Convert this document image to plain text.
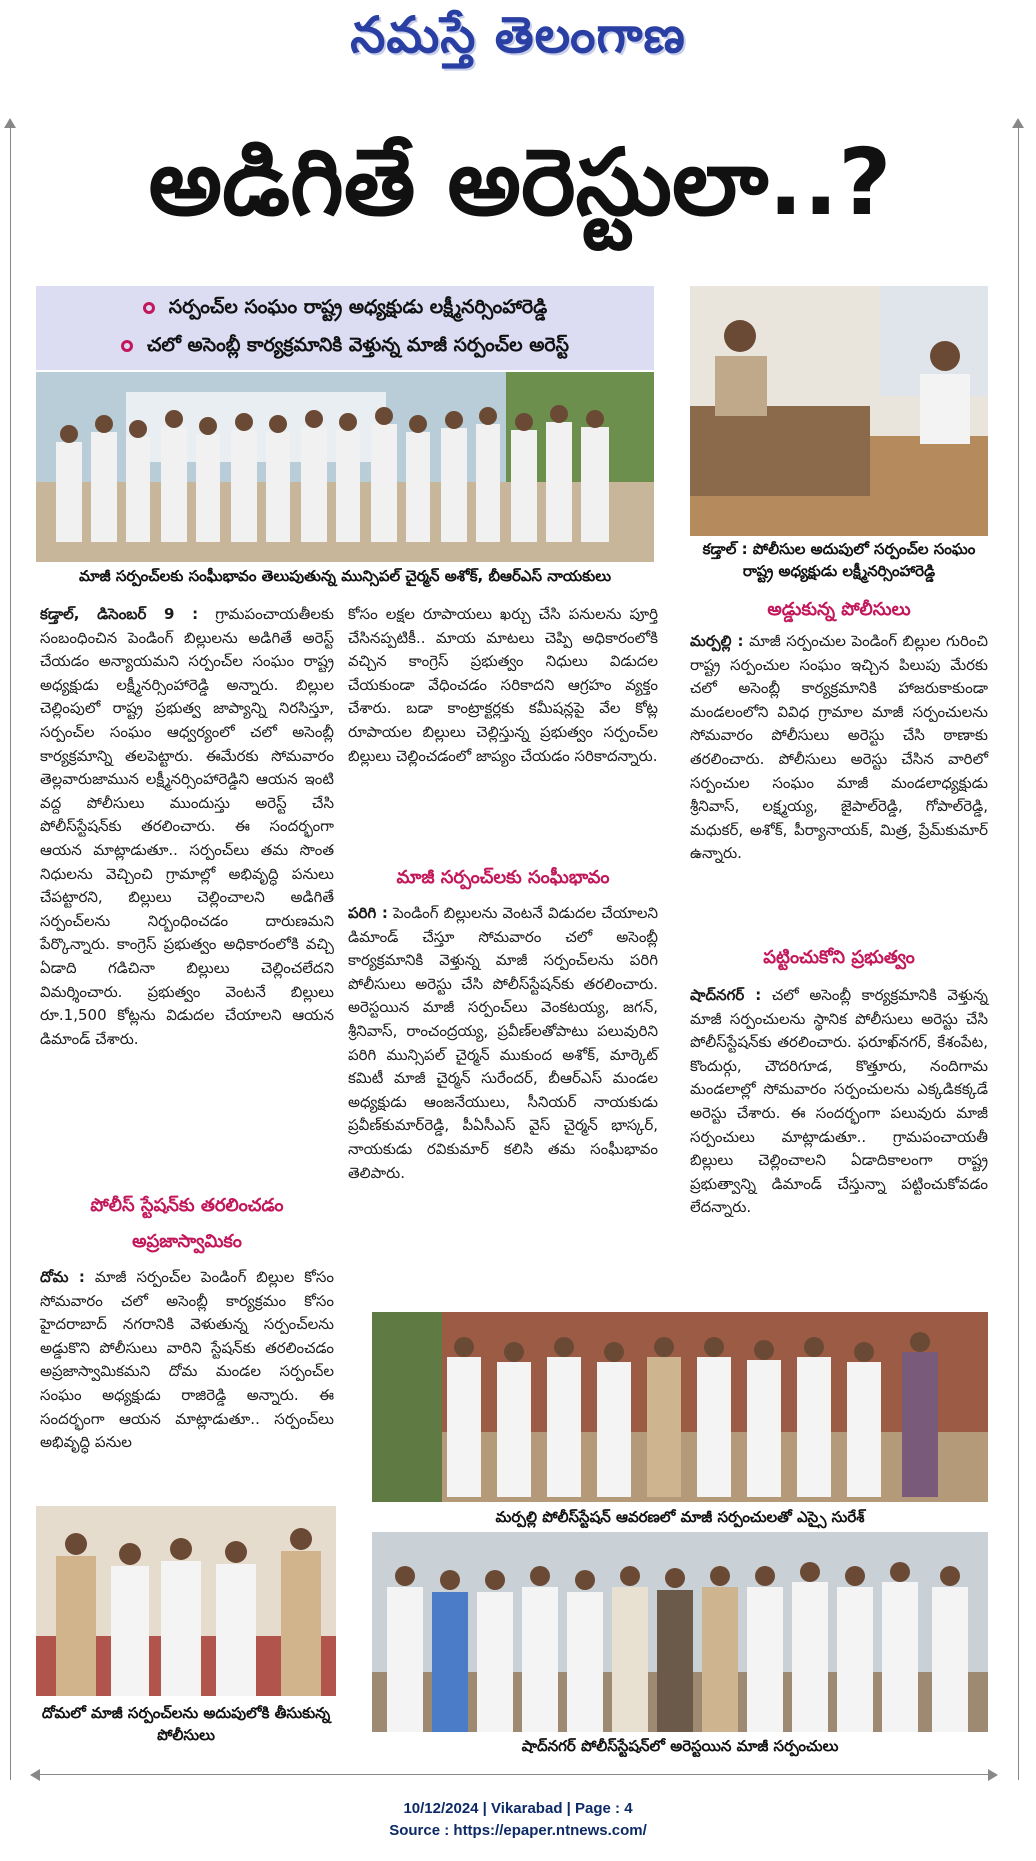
నమస్తే తెలంగాణ
అడిగితే అరెస్టులా..?
సర్పంచ్‌ల సంఘం రాష్ట్ర అధ్యక్షుడు లక్ష్మీనర్సింహారెడ్డి
చలో అసెంబ్లీ కార్యక్రమానికి వెళ్తున్న మాజీ సర్పంచ్‌ల అరెస్ట్
మాజీ సర్పంచ్‌లకు సంఘీభావం తెలుపుతున్న మున్సిపల్ చైర్మన్ అశోక్, బీఆర్‌ఎస్ నాయకులు
కడ్తాల్ : పోలీసుల అదుపులో సర్పంచ్‌ల సంఘం రాష్ట్ర అధ్యక్షుడు లక్ష్మీనర్సింహారెడ్డి

కడ్తాల్, డిసెంబర్ 9 : గ్రామపంచాయతీలకు సంబంధించిన పెండింగ్ బిల్లులను అడిగితే అరెస్ట్ చేయడం అన్యాయమని సర్పంచ్‌ల సంఘం రాష్ట్ర అధ్యక్షుడు లక్ష్మీనర్సింహారెడ్డి అన్నారు. బిల్లుల చెల్లింపులో రాష్ట్ర ప్రభుత్వ జాప్యాన్ని నిరసిస్తూ, సర్పంచ్‌ల సంఘం ఆధ్వర్యంలో చలో అసెంబ్లీ కార్యక్రమాన్ని తలపెట్టారు. ఈమేరకు సోమవారం తెల్లవారుజామున లక్ష్మీనర్సింహారెడ్డిని ఆయన ఇంటి వద్ద పోలీసులు ముందుస్తు అరెస్ట్ చేసి పోలీస్‌స్టేషన్‌కు తరలించారు. ఈ సందర్భంగా ఆయన మాట్లాడుతూ.. సర్పంచ్‌లు తమ సొంత నిధులను వెచ్చించి గ్రామాల్లో అభివృద్ధి పనులు చేపట్టారని, బిల్లులు చెల్లించాలని అడిగితే సర్పంచ్‌లను నిర్బంధించడం దారుణమని పేర్కొన్నారు. కాంగ్రెస్ ప్రభుత్వం అధికారంలోకి వచ్చి ఏడాది గడిచినా బిల్లులు చెల్లించలేదని విమర్శించారు. ప్రభుత్వం వెంటనే బిల్లులు రూ.1,500 కోట్లను విడుదల చేయాలని ఆయన డిమాండ్ చేశారు.

పోలీస్ స్టేషన్‌కు తరలించడం
అప్రజాస్వామికం

దోమ : మాజీ సర్పంచ్‌ల పెండింగ్ బిల్లుల కోసం సోమవారం చలో అసెంబ్లీ కార్యక్రమం కోసం హైదరాబాద్ నగరానికి వెళుతున్న సర్పంచ్‌లను అడ్డుకొని పోలీసులు వారిని స్టేషన్‌కు తరలించడం అప్రజాస్వామికమని దోమ మండల సర్పంచ్‌ల సంఘం అధ్యక్షుడు రాజిరెడ్డి అన్నారు. ఈ సందర్భంగా ఆయన మాట్లాడుతూ.. సర్పంచ్‌లు అభివృద్ధి పనుల

దోమలో మాజీ సర్పంచ్‌లను అదుపులోకి తీసుకున్న పోలీసులు

కోసం లక్షల రూపాయలు ఖర్చు చేసి పనులను పూర్తి చేసినప్పటికీ.. మాయ మాటలు చెప్పి అధికారంలోకి వచ్చిన కాంగ్రెస్ ప్రభుత్వం నిధులు విడుదల చేయకుండా వేధించడం సరికాదని ఆగ్రహం వ్యక్తం చేశారు. బడా కాంట్రాక్టర్లకు కమీషన్లపై వేల కోట్ల రూపాయల బిల్లులు చెల్లిస్తున్న ప్రభుత్వం సర్పంచ్‌ల బిల్లులు చెల్లించడంలో జాప్యం చేయడం సరికాదన్నారు.

మాజీ సర్పంచ్‌లకు సంఘీభావం

పరిగి : పెండింగ్ బిల్లులను వెంటనే విడుదల చేయాలని డిమాండ్ చేస్తూ సోమవారం చలో అసెంబ్లీ కార్యక్రమానికి వెళ్తున్న మాజీ సర్పంచ్‌లను పరిగి పోలీసులు అరెస్టు చేసి పోలీస్‌స్టేషన్‌కు తరలించారు. అరెస్టయిన మాజీ సర్పంచ్‌లు వెంకటయ్య, జగన్, శ్రీనివాస్, రాంచంద్రయ్య, ప్రవీణ్‌లతోపాటు పలువురిని పరిగి మున్సిపల్ చైర్మన్ ముకుంద అశోక్, మార్కెట్ కమిటీ మాజీ చైర్మన్ సురేందర్, బీఆర్‌ఎస్ మండల అధ్యక్షుడు ఆంజనేయులు, సీనియర్ నాయకుడు ప్రవీణ్‌కుమార్‌రెడ్డి, పీఏసీఎస్ వైస్ చైర్మన్ భాస్కర్, నాయకుడు రవికుమార్ కలిసి తమ సంఘీభావం తెలిపారు.

అడ్డుకున్న పోలీసులు

మర్పల్లి : మాజీ సర్పంచుల పెండింగ్ బిల్లుల గురించి రాష్ట్ర సర్పంచుల సంఘం ఇచ్చిన పిలుపు మేరకు చలో అసెంబ్లీ కార్యక్రమానికి హాజరుకాకుండా మండలంలోని వివిధ గ్రామాల మాజీ సర్పంచులను సోమవారం పోలీసులు అరెస్టు చేసి ఠాణాకు తరలించారు. పోలీసులు అరెస్టు చేసిన వారిలో సర్పంచుల సంఘం మాజీ మండలాధ్యక్షుడు శ్రీనివాస్, లక్ష్మయ్య, జైపాల్‌రెడ్డి, గోపాల్‌రెడ్డి, మధుకర్, అశోక్, పీర్యానాయక్, మిత్ర, ప్రేమ్‌కుమార్ ఉన్నారు.

పట్టించుకోని ప్రభుత్వం

షాద్‌నగర్ : చలో అసెంబ్లీ కార్యక్రమానికి వెళ్తున్న మాజీ సర్పంచులను స్థానిక పోలీసులు అరెస్టు చేసి పోలీస్‌స్టేషన్‌కు తరలించారు. ఫరూఖ్‌నగర్, కేశంపేట, కొందుర్గు, చౌదరిగూడ, కొత్తూరు, నందిగామ మండలాల్లో సోమవారం సర్పంచులను ఎక్కడికక్కడే అరెస్టు చేశారు. ఈ సందర్భంగా పలువురు మాజీ సర్పంచులు మాట్లాడుతూ.. గ్రామపంచాయతీ బిల్లులు చెల్లించాలని ఏడాదికాలంగా రాష్ట్ర ప్రభుత్వాన్ని డిమాండ్ చేస్తున్నా పట్టించుకోవడం లేదన్నారు.

మర్పల్లి పోలీస్‌స్టేషన్ ఆవరణలో మాజీ సర్పంచులతో ఎస్సై సురేశ్
షాద్‌నగర్ పోలీస్‌స్టేషన్‌లో అరెస్టయిన మాజీ సర్పంచులు
10/12/2024 | Vikarabad | Page : 4
Source : https://epaper.ntnews.com/
